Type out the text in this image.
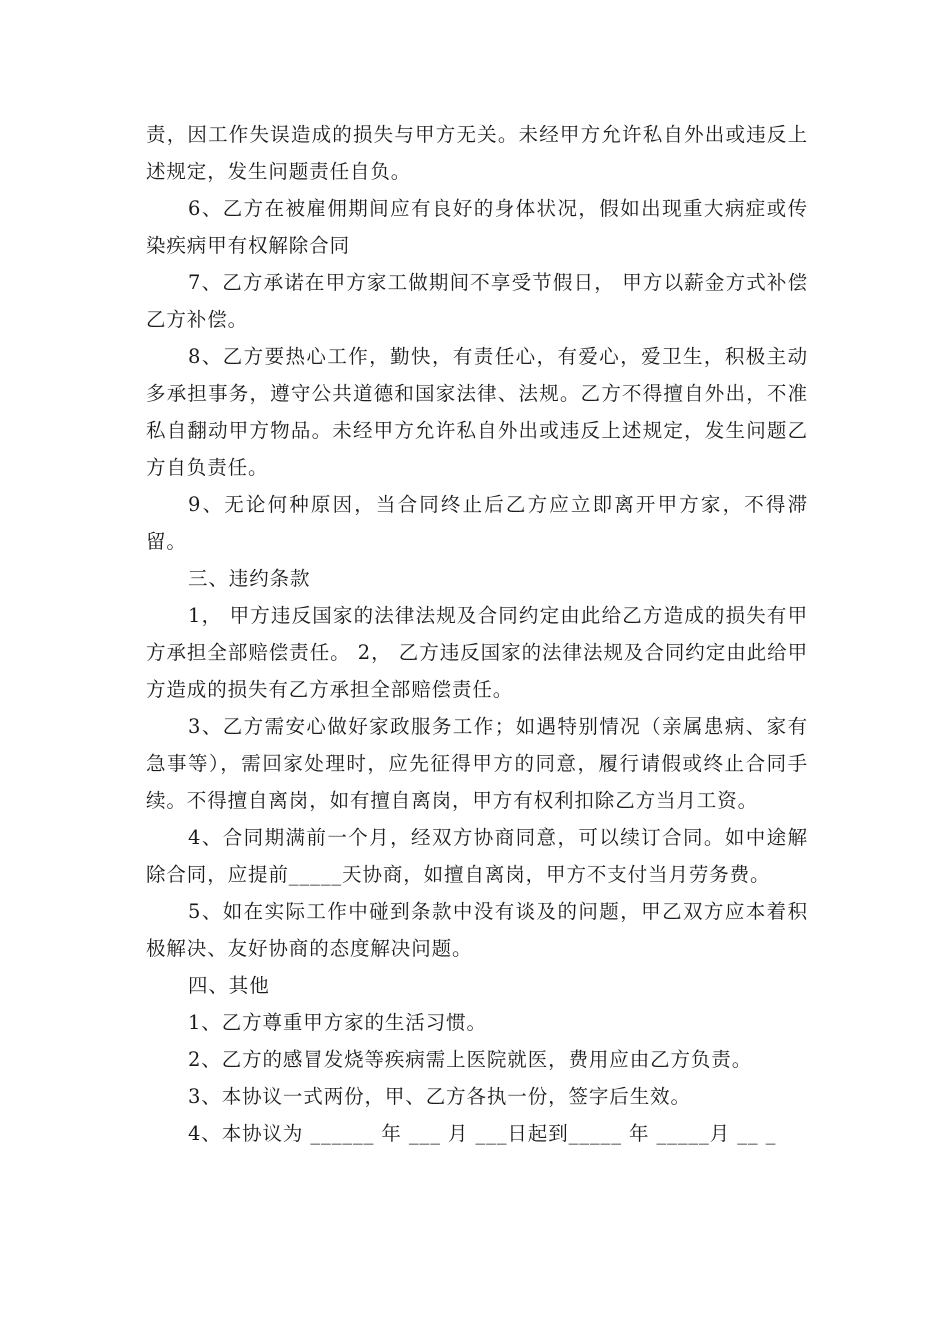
责，因工作失误造成的损失与甲方无关。未经甲方允许私自外出或违反上述规定，发生问题责任自负。

6、乙方在被雇佣期间应有良好的身体状况，假如出现重大病症或传染疾病甲有权解除合同

7、乙方承诺在甲方家工做期间不享受节假日， 甲方以薪金方式补偿乙方补偿。

8、乙方要热心工作，勤快，有责任心，有爱心，爱卫生，积极主动多承担事务，遵守公共道德和国家法律、法规。乙方不得擅自外出，不准私自翻动甲方物品。未经甲方允许私自外出或违反上述规定，发生问题乙方自负责任。

9、无论何种原因，当合同终止后乙方应立即离开甲方家，不得滞留。

三、违约条款

1， 甲方违反国家的法律法规及合同约定由此给乙方造成的损失有甲方承担全部赔偿责任。 2， 乙方违反国家的法律法规及合同约定由此给甲方造成的损失有乙方承担全部赔偿责任。

3、乙方需安心做好家政服务工作；如遇特别情况（亲属患病、家有急事等），需回家处理时，应先征得甲方的同意，履行请假或终止合同手续。不得擅自离岗，如有擅自离岗，甲方有权利扣除乙方当月工资。

4、合同期满前一个月，经双方协商同意，可以续订合同。如中途解除合同，应提前_____天协商，如擅自离岗，甲方不支付当月劳务费。

5、如在实际工作中碰到条款中没有谈及的问题，甲乙双方应本着积极解决、友好协商的态度解决问题。

四、其他

1、乙方尊重甲方家的生活习惯。

2、乙方的感冒发烧等疾病需上医院就医，费用应由乙方负责。

3、本协议一式两份，甲、乙方各执一份，签字后生效。

4、本协议为 ______ 年 ___ 月 ___日起到_____ 年 _____月 __ _
